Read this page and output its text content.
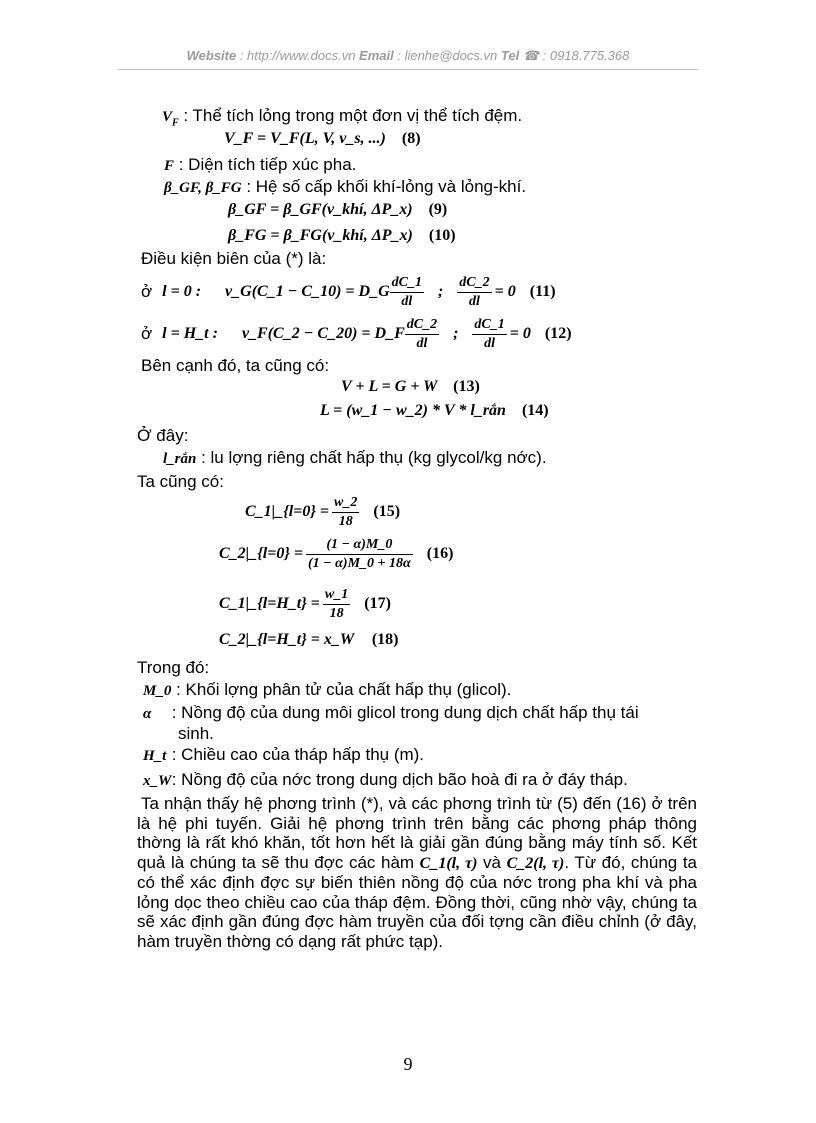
Website : http://www.docs.vn Email : lienhe@docs.vn Tel ☎ : 0918.775.368
$V_F$ : Thể tích lỏng trong một đơn vị thể tích đệm.
V_F = V_F(L, V, v_s, ...) (8)
F : Diện tích tiếp xúc pha.
β_GF, β_FG : Hệ số cấp khối khí-lỏng và lỏng-khí.
β_GF = β_GF(v_khí, ΔP_x) (9)
β_FG = β_FG(v_khí, ΔP_x) (10)
Điều kiện biên của (*) là:
ở l = 0 : v_G(C_1 − C_10) = D_G $\frac{dC\_1}{dl}$ ; $\frac{dC\_2}{dl} = 0$ (11)
ở l = H_t : v_F(C_2 − C_20) = D_F $\frac{dC\_2}{dl}$ ; $\frac{dC\_1}{dl} = 0$ (12)
Bên cạnh đó, ta cũng có:
V + L = G + W (13)
L = (w_1 − w_2) * V * l_rắn (14)
Ở đây:
l_rắn : lu lợng riêng chất hấp thụ (kg glycol/kg nớc).
Ta cũng có:
C_1|_{l=0} = $\frac{w\_2}{18} (15)$
C_2|_{l=0} = $\frac{(1 - \alpha)M\_0}{(1 - \alpha)M\_0 + 18\alpha} (16)$
C_1|_{l=H_t} = $\frac{w\_1}{18} (17)$
C_2|_{l=H_t} = x_W (18)
Trong đó:
M_0 : Khối lợng phân tử của chất hấp thụ (glicol).
α : Nồng độ của dung môi glicol trong dung dịch chất hấp thụ tái
sinh.
H_t : Chiều cao của tháp hấp thụ (m).
x_W : Nồng độ của nớc trong dung dịch bão hoà đi ra ở đáy tháp.
Ta nhận thấy hệ phơng trình (*), và các phơng trình từ (5) đến (16) ở trên là hệ phi tuyến. Giải hệ phơng trình trên bằng các phơng pháp thông thờng là rất khó khăn, tốt hơn hết là giải gần đúng bằng máy tính số. Kết quả là chúng ta sẽ thu đợc các hàm C_1(l, τ) và C_2(l, τ). Từ đó, chúng ta có thể xác định đợc sự biến thiên nồng độ của nớc trong pha khí và pha lỏng dọc theo chiều cao của tháp đệm. Đồng thời, cũng nhờ vậy, chúng ta sẽ xác định gần đúng đợc hàm truyền của đối tợng cần điều chỉnh (ở đây, hàm truyền thờng có dạng rất phức tạp).
9
